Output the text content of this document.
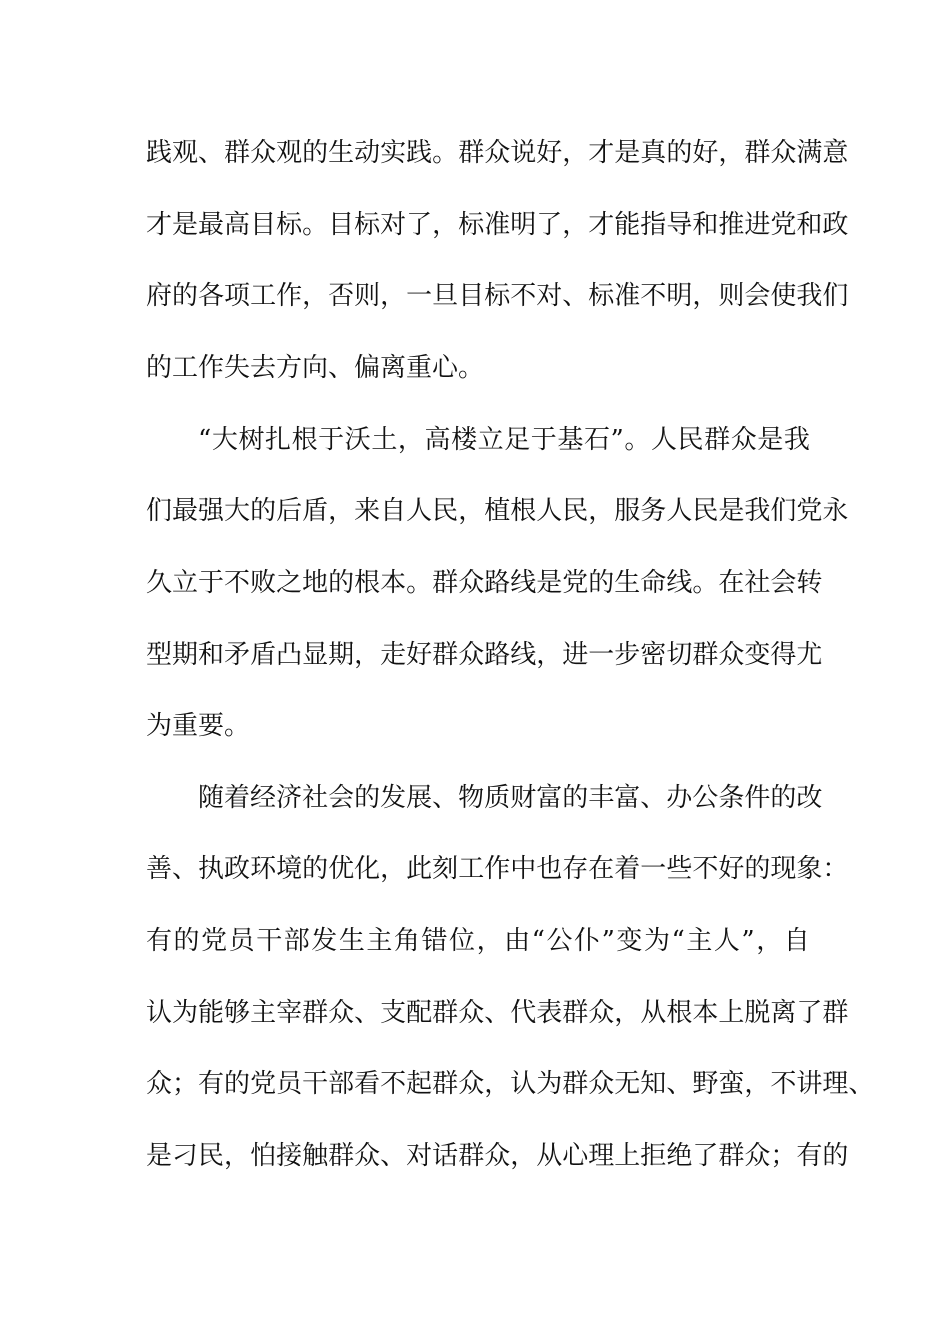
践 观 、 群 众 观 的 生 动 实 践 。 群 众 说 好 ， 才 是 真 的 好 ， 群 众 满 意
才 是 最 高 目 标 。 目 标 对 了 ， 标 准 明 了 ， 才 能 指 导 和 推 进 党 和 政
府 的 各 项 工 作 ， 否 则 ， 一 旦 目 标 不 对 、 标 准 不 明 ， 则 会 使 我 们
的工作失去方向、偏离重心。
“ 大 树 扎 根 于 沃 土 ， 高 楼 立 足 于 基 石 ” 。 人 民 群 众 是 我
们 最 强 大 的 后 盾 ， 来 自 人 民 ， 植 根 人 民 ， 服 务 人 民 是 我 们 党 永
久 立 于 不 败 之 地 的 根 本 。 群 众 路 线 是 党 的 生 命 线 。 在 社 会 转
型 期 和 矛 盾 凸 显 期 ， 走 好 群 众 路 线 ， 进 一 步 密 切 群 众 变 得 尤
为重要。
随 着 经 济 社 会 的 发 展 、 物 质 财 富 的 丰 富 、 办 公 条 件 的 改
善 、 执 政 环 境 的 优 化 ， 此 刻 工 作 中 也 存 在 着 一 些 不 好 的 现 象 ：
有 的 党 员 干 部 发 生 主 角 错 位 ， 由 “ 公 仆 ” 变 为 “ 主 人 ” ， 自
认 为 能 够 主 宰 群 众 、 支 配 群 众 、 代 表 群 众 ， 从 根 本 上 脱 离 了 群
众 ； 有 的 党 员 干 部 看 不 起 群 众 ， 认 为 群 众 无 知 、 野 蛮 ， 不 讲 理 、
是 刁 民 ， 怕 接 触 群 众 、 对 话 群 众 ， 从 心 理 上 拒 绝 了 群 众 ； 有 的
